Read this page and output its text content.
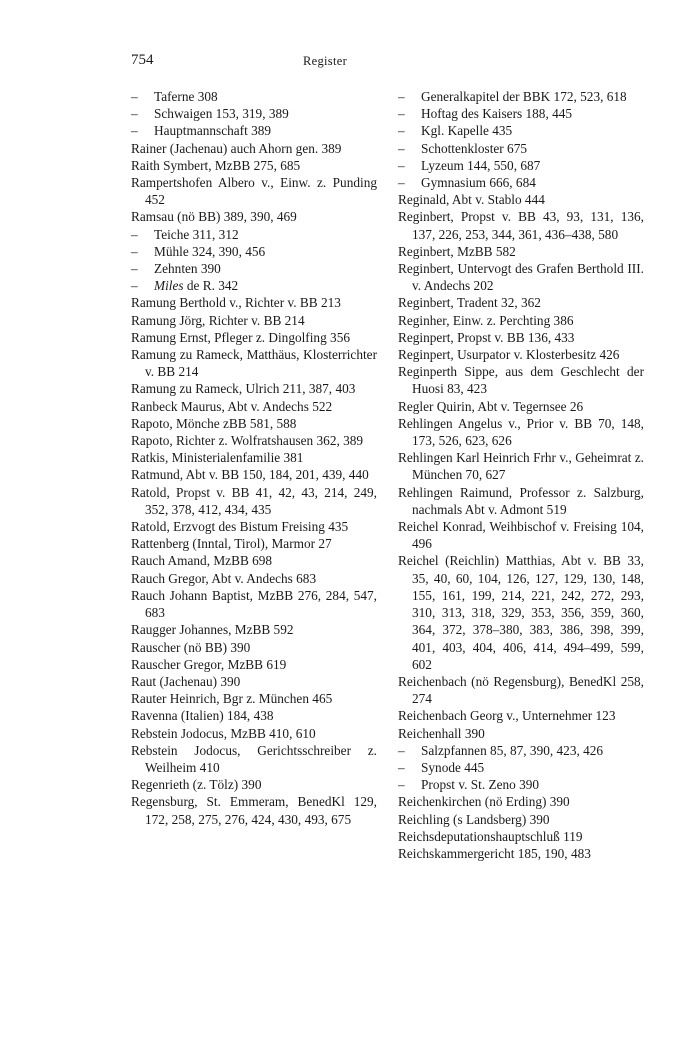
754	Register

– Taferne 308

– Schwaigen 153, 319, 389

– Hauptmannschaft 389

Rainer (Jachenau) auch Ahorn gen. 389

Raith Symbert, MzBB 275, 685

Rampertshofen Albero v., Einw. z. Punding 452

Ramsau (nö BB) 389, 390, 469

– Teiche 311, 312

– Mühle 324, 390, 456

– Zehnten 390

– Miles de R. 342

Ramung Berthold v., Richter v. BB 213

Ramung Jörg, Richter v. BB 214

Ramung Ernst, Pfleger z. Dingolfing 356

Ramung zu Rameck, Matthäus, Klosterrichter v. BB 214

Ramung zu Rameck, Ulrich 211, 387, 403

Ranbeck Maurus, Abt v. Andechs 522

Rapoto, Mönche zBB 581, 588

Rapoto, Richter z. Wolfratshausen 362, 389

Ratkis, Ministerialenfamilie 381

Ratmund, Abt v. BB 150, 184, 201, 439, 440

Ratold, Propst v. BB 41, 42, 43, 214, 249, 352, 378, 412, 434, 435

Ratold, Erzvogt des Bistum Freising 435

Rattenberg (Inntal, Tirol), Marmor 27

Rauch Amand, MzBB 698

Rauch Gregor, Abt v. Andechs 683

Rauch Johann Baptist, MzBB 276, 284, 547, 683

Raugger Johannes, MzBB 592

Rauscher (nö BB) 390

Rauscher Gregor, MzBB 619

Raut (Jachenau) 390

Rauter Heinrich, Bgr z. München 465

Ravenna (Italien) 184, 438

Rebstein Jodocus, MzBB 410, 610

Rebstein Jodocus, Gerichtsschreiber z. Weilheim 410

Regenrieth (z. Tölz) 390

Regensburg, St. Emmeram, BenedKl 129, 172, 258, 275, 276, 424, 430, 493, 675

– Generalkapitel der BBK 172, 523, 618

– Hoftag des Kaisers 188, 445

– Kgl. Kapelle 435

– Schottenkloster 675

– Lyzeum 144, 550, 687

– Gymnasium 666, 684

Reginald, Abt v. Stablo 444

Reginbert, Propst v. BB 43, 93, 131, 136, 137, 226, 253, 344, 361, 436–438, 580

Reginbert, MzBB 582

Reginbert, Untervogt des Grafen Berthold III. v. Andechs 202

Reginbert, Tradent 32, 362

Reginher, Einw. z. Perchting 386

Reginpert, Propst v. BB 136, 433

Reginpert, Usurpator v. Klosterbesitz 426

Reginperth Sippe, aus dem Geschlecht der Huosi 83, 423

Regler Quirin, Abt v. Tegernsee 26

Rehlingen Angelus v., Prior v. BB 70, 148, 173, 526, 623, 626

Rehlingen Karl Heinrich Frhr v., Geheimrat z. München 70, 627

Rehlingen Raimund, Professor z. Salzburg, nachmals Abt v. Admont 519

Reichel Konrad, Weihbischof v. Freising 104, 496

Reichel (Reichlin) Matthias, Abt v. BB 33, 35, 40, 60, 104, 126, 127, 129, 130, 148, 155, 161, 199, 214, 221, 242, 272, 293, 310, 313, 318, 329, 353, 356, 359, 360, 364, 372, 378–380, 383, 386, 398, 399, 401, 403, 404, 406, 414, 494–499, 599, 602

Reichenbach (nö Regensburg), BenedKl 258, 274

Reichenbach Georg v., Unternehmer 123

Reichenhall 390

– Salzpfannen 85, 87, 390, 423, 426

– Synode 445

– Propst v. St. Zeno 390

Reichenkirchen (nö Erding) 390

Reichling (s Landsberg) 390

Reichsdeputationshauptschluß 119

Reichskammergericht 185, 190, 483
